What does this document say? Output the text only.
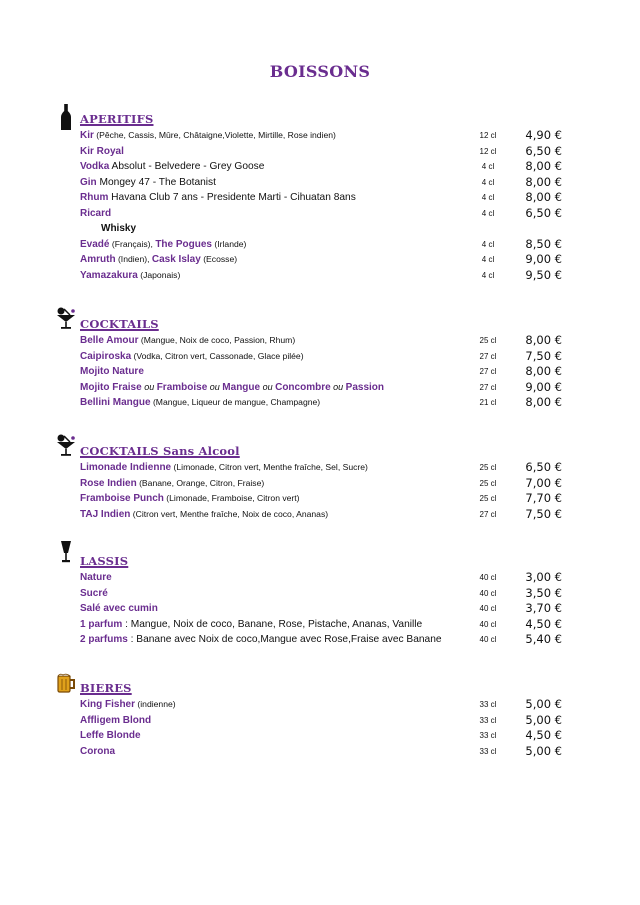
BOISSONS
APERITIFS
Kir (Pêche, Cassis, Mûre, Châtaigne,Violette, Mirtille, Rose indien)	12 cl	4,90 €
Kir Royal	12 cl	6,50 €
Vodka Absolut - Belvedere - Grey Goose	4 cl	8,00 €
Gin Mongey 47 - The Botanist	4 cl	8,00 €
Rhum Havana Club 7 ans - Presidente Marti - Cihuatan 8ans	4 cl	8,00 €
Ricard	4 cl	6,50 €
Whisky
Evadé (Français), The Pogues (Irlande)	4 cl	8,50 €
Amruth (Indien), Cask Islay (Ecosse)	4 cl	9,00 €
Yamazakura (Japonais)	4 cl	9,50 €
COCKTAILS
Belle Amour (Mangue, Noix de coco, Passion, Rhum)	25 cl	8,00 €
Caipiroska (Vodka, Citron vert, Cassonade, Glace pilée)	27 cl	7,50 €
Mojito Nature	27 cl	8,00 €
Mojito Fraise ou Framboise ou Mangue ou Concombre ou Passion	27 cl	9,00 €
Bellini Mangue (Mangue, Liqueur de mangue, Champagne)	21 cl	8,00 €
COCKTAILS Sans Alcool
Limonade Indienne (Limonade, Citron vert, Menthe fraîche, Sel, Sucre)	25 cl	6,50 €
Rose Indien (Banane, Orange, Citron, Fraise)	25 cl	7,00 €
Framboise Punch (Limonade, Framboise, Citron vert)	25 cl	7,70 €
TAJ Indien (Citron vert, Menthe fraîche, Noix de coco, Ananas)	27 cl	7,50 €
LASSIS
Nature	40 cl	3,00 €
Sucré	40 cl	3,50 €
Salé avec cumin	40 cl	3,70 €
1 parfum : Mangue, Noix de coco, Banane, Rose, Pistache, Ananas, Vanille	40 cl	4,50 €
2 parfums : Banane avec Noix de coco,Mangue avec Rose,Fraise avec Banane	40 cl	5,40 €
BIERES
King Fisher (indienne)	33 cl	5,00 €
Affligem Blond	33 cl	5,00 €
Leffe Blonde	33 cl	4,50 €
Corona	33 cl	5,00 €
